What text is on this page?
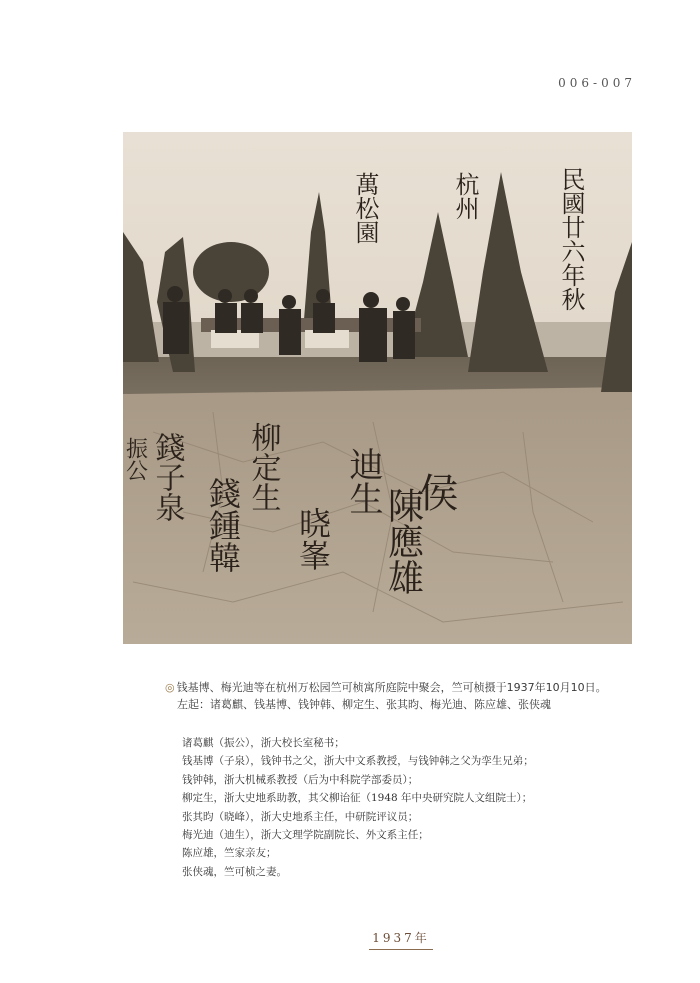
006-007
萬松園	杭州	民國廿六年秋
侯
迪生
陳應雄
晓峯
柳定生
錢鍾韓
錢子泉
振公
◎ 钱基博、梅光迪等在杭州万松园竺可桢寓所庭院中聚会，竺可桢摄于1937年10月10日。
左起：诸葛麒、钱基博、钱钟韩、柳定生、张其昀、梅光迪、陈应雄、张侠魂
诸葛麒（振公），浙大校长室秘书；
钱基博（子泉），钱钟书之父，浙大中文系教授，与钱钟韩之父为孪生兄弟；
钱钟韩，浙大机械系教授（后为中科院学部委员）；
柳定生，浙大史地系助教，其父柳诒征（1948 年中央研究院人文组院士）；
张其昀（晓峰），浙大史地系主任，中研院评议员；
梅光迪（迪生），浙大文理学院副院长、外文系主任；
陈应雄，竺家亲友；
张侠魂，竺可桢之妻。
1937年
